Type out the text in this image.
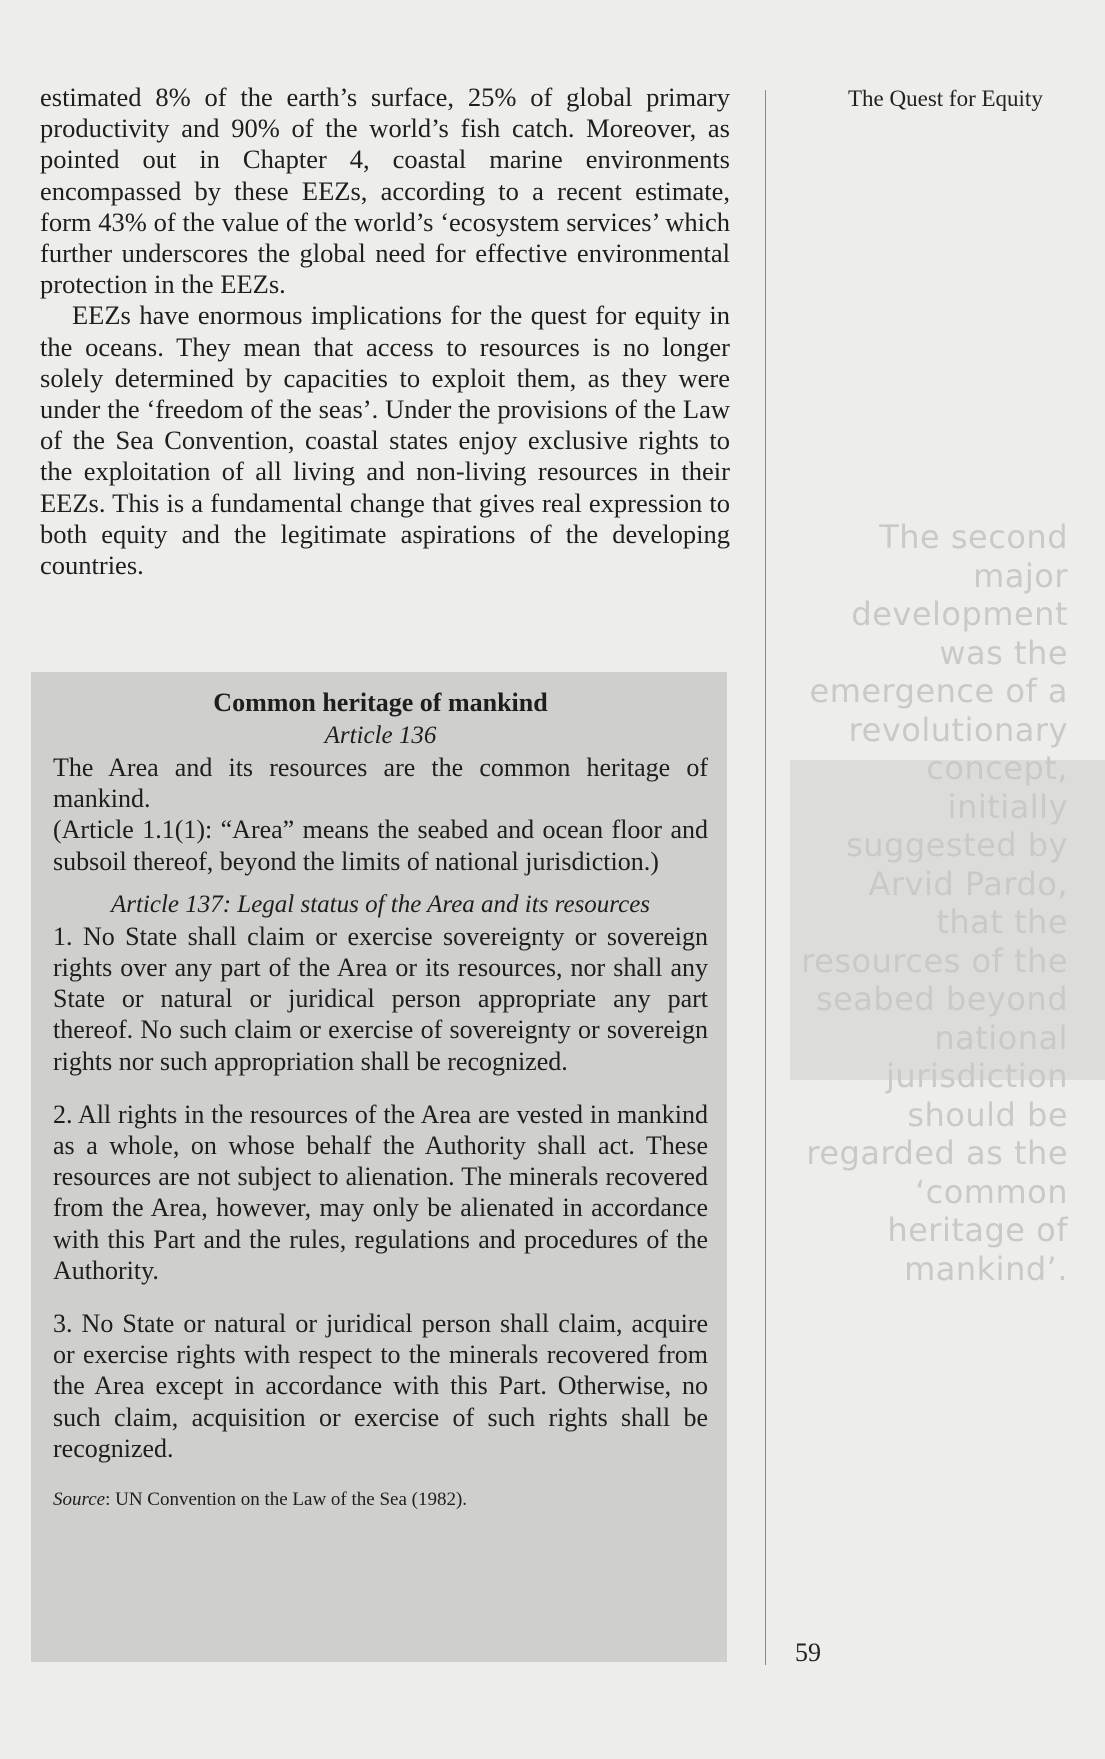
estimated 8% of the earth’s surface, 25% of global primary productivity and 90% of the world’s fish catch. Moreover, as pointed out in Chapter 4, coastal marine environments encompassed by these EEZs, according to a recent estimate, form 43% of the value of the world’s ‘ecosystem services’ which further underscores the global need for effective environmental protection in the EEZs.

EEZs have enormous implications for the quest for equity in the oceans. They mean that access to resources is no longer solely determined by capacities to exploit them, as they were under the ‘freedom of the seas’. Under the provisions of the Law of the Sea Convention, coastal states enjoy exclusive rights to the exploitation of all living and non-living resources in their EEZs. This is a fundamental change that gives real expression to both equity and the legitimate aspirations of the developing countries.

Common heritage of mankind

Article 136

The Area and its resources are the common heritage of mankind.

(Article 1.1(1): “Area” means the seabed and ocean floor and subsoil thereof, beyond the limits of national jurisdiction.)

Article 137: Legal status of the Area and its resources

1. No State shall claim or exercise sovereignty or sovereign rights over any part of the Area or its resources, nor shall any State or natural or juridical person appropriate any part thereof. No such claim or exercise of sovereignty or sovereign rights nor such appropriation shall be recognized.

2. All rights in the resources of the Area are vested in mankind as a whole, on whose behalf the Authority shall act. These resources are not subject to alienation. The minerals recovered from the Area, however, may only be alienated in accordance with this Part and the rules, regulations and procedures of the Authority.

3. No State or natural or juridical person shall claim, acquire or exercise rights with respect to the minerals recovered from the Area except in accordance with this Part. Otherwise, no such claim, acquisition or exercise of such rights shall be recognized.

Source: UN Convention on the Law of the Sea (1982).
The Quest for Equity
The second
major
development
was the
emergence of a
revolutionary
concept,
initially
suggested by
Arvid Pardo,
that the
resources of the
seabed beyond
national
jurisdiction
should be
regarded as the
‘common
heritage of
mankind’.
59
